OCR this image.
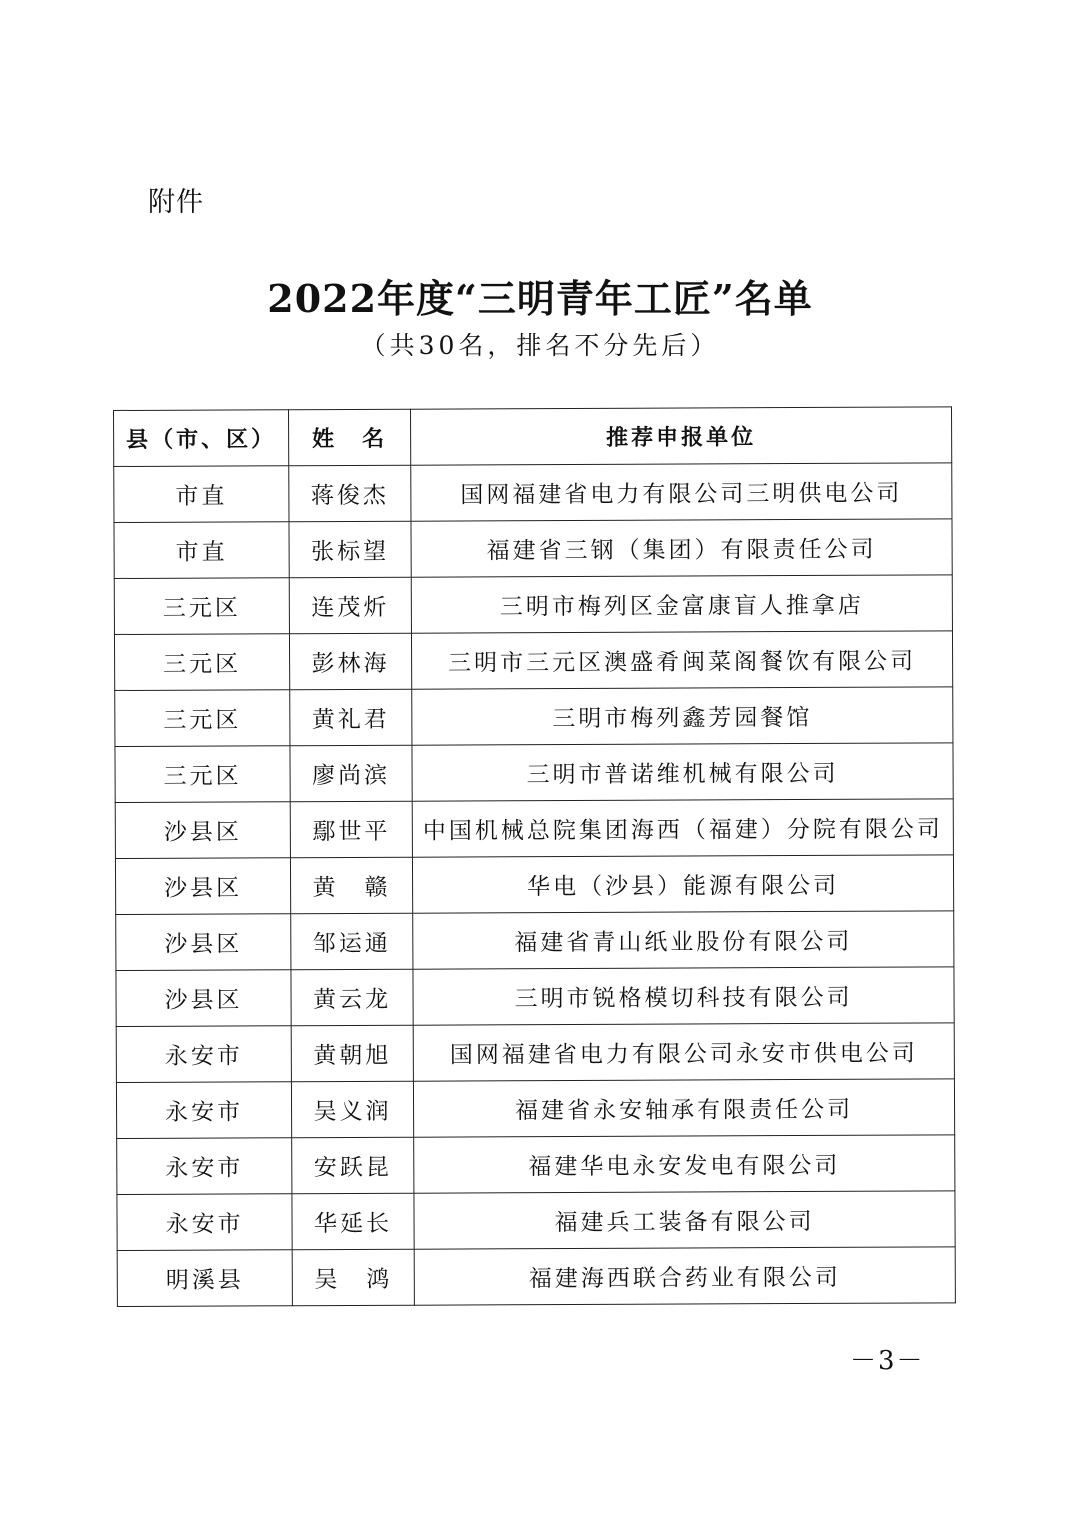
附件
2022年度“三明青年工匠”名单
（共30名，排名不分先后）
县（市、区）	姓　名	推荐申报单位
市直	蒋俊杰	国网福建省电力有限公司三明供电公司
市直	张标望	福建省三钢（集团）有限责任公司
三元区	连茂炘	三明市梅列区金富康盲人推拿店
三元区	彭林海	三明市三元区澳盛肴闽菜阁餐饮有限公司
三元区	黄礼君	三明市梅列鑫芳园餐馆
三元区	廖尚滨	三明市普诺维机械有限公司
沙县区	鄢世平	中国机械总院集团海西（福建）分院有限公司
沙县区	黄　赣	华电（沙县）能源有限公司
沙县区	邹运通	福建省青山纸业股份有限公司
沙县区	黄云龙	三明市锐格模切科技有限公司
永安市	黄朝旭	国网福建省电力有限公司永安市供电公司
永安市	吴义润	福建省永安轴承有限责任公司
永安市	安跃昆	福建华电永安发电有限公司
永安市	华延长	福建兵工装备有限公司
明溪县	吴　鸿	福建海西联合药业有限公司
－3－
